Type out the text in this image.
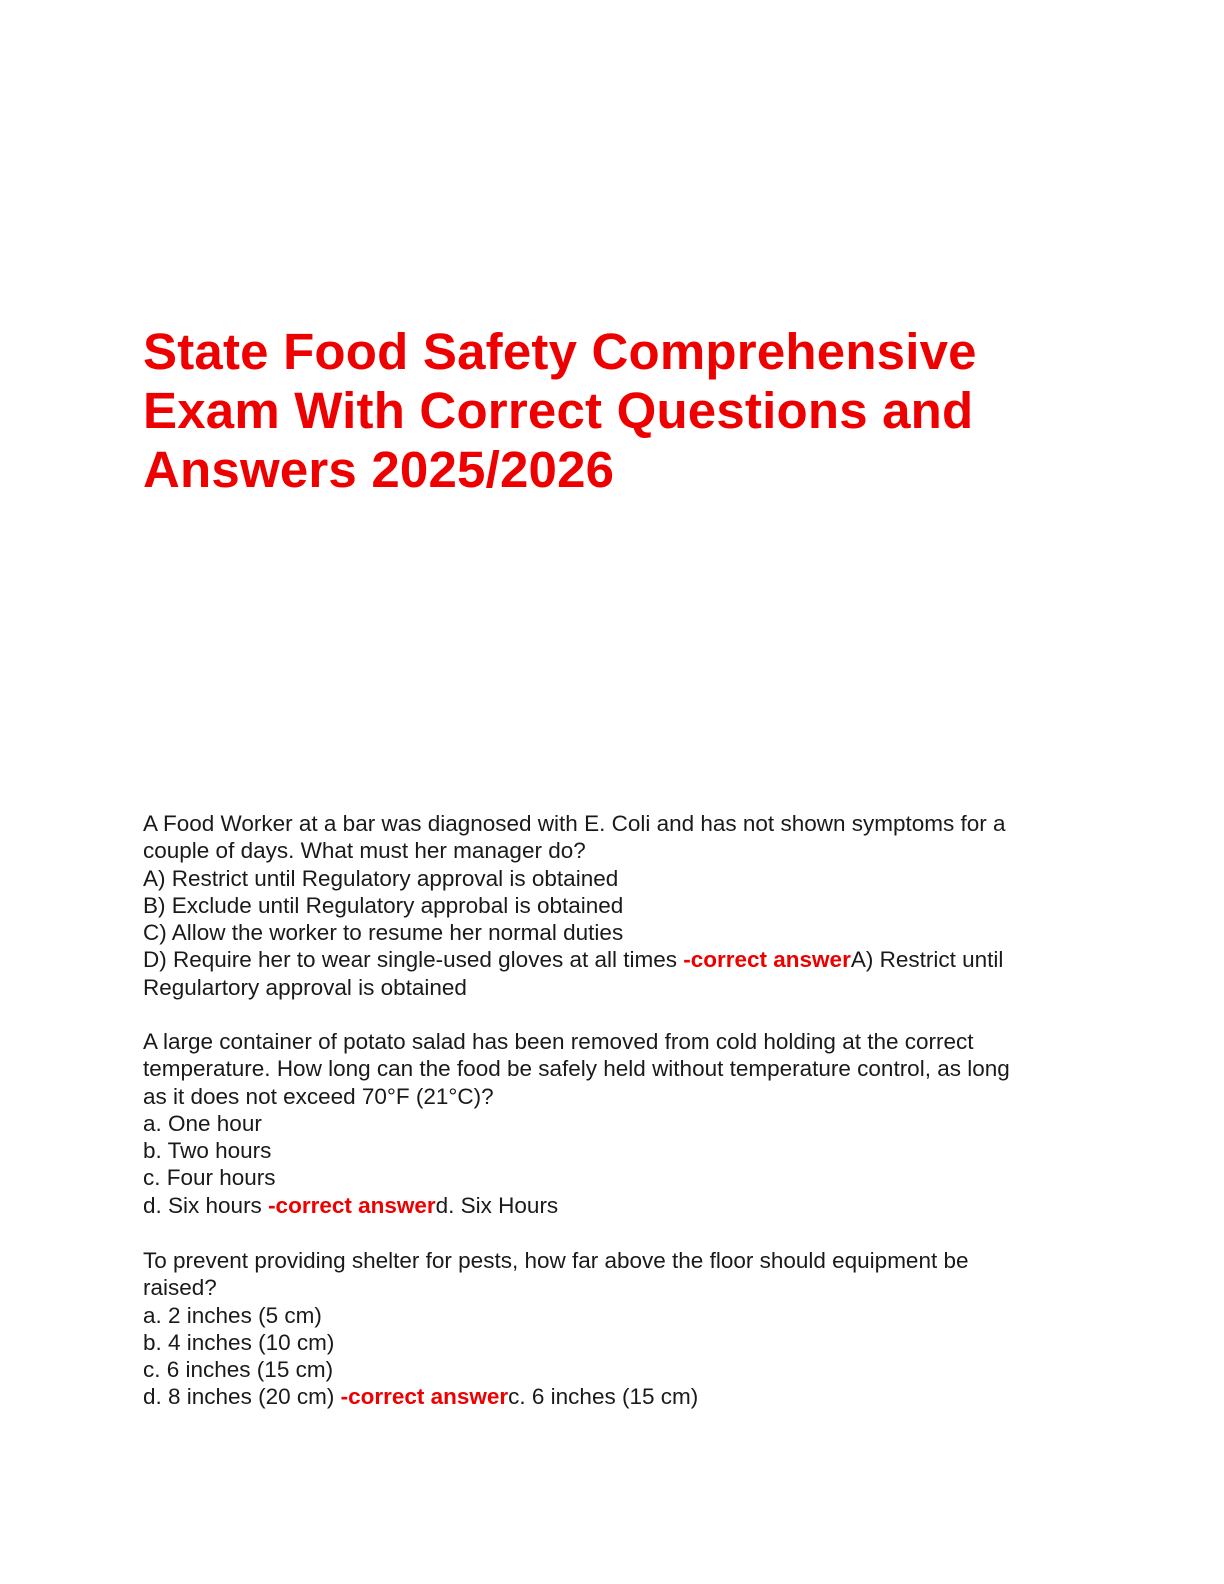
State Food Safety Comprehensive
Exam With Correct Questions and
Answers 2025/2026
A Food Worker at a bar was diagnosed with E. Coli and has not shown symptoms for a
couple of days. What must her manager do?
A) Restrict until Regulatory approval is obtained
B) Exclude until Regulatory approbal is obtained
C) Allow the worker to resume her normal duties
D) Require her to wear single-used gloves at all times -correct answerA) Restrict until
Regulartory approval is obtained
A large container of potato salad has been removed from cold holding at the correct
temperature. How long can the food be safely held without temperature control, as long
as it does not exceed 70°F (21°C)?
a. One hour
b. Two hours
c. Four hours
d. Six hours -correct answerd. Six Hours
To prevent providing shelter for pests, how far above the floor should equipment be
raised?
a. 2 inches (5 cm)
b. 4 inches (10 cm)
c. 6 inches (15 cm)
d. 8 inches (20 cm) -correct answerc. 6 inches (15 cm)
